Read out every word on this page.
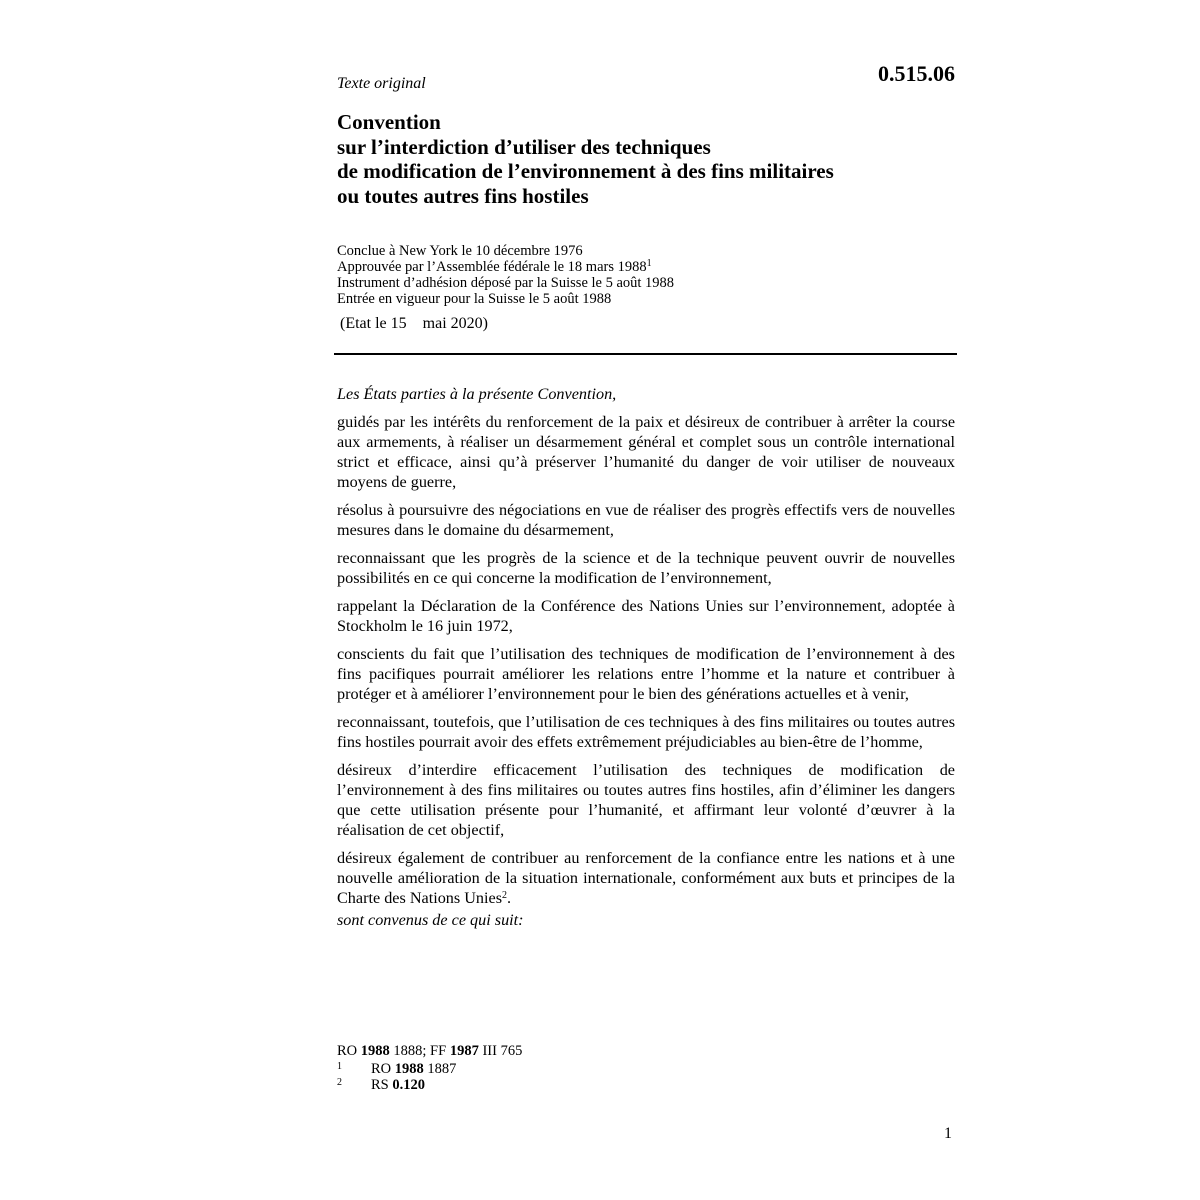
Texte original	0.515.06
Convention
sur l’interdiction d’utiliser des techniques
de modification de l’environnement à des fins militaires
ou toutes autres fins hostiles
Conclue à New York le 10 décembre 1976
Approuvée par l’Assemblée fédérale le 18 mars 1988$^1$
Instrument d’adhésion déposé par la Suisse le 5 août 1988
Entrée en vigueur pour la Suisse le 5 août 1988
(Etat le 15    mai 2020)

Les États parties à la présente Convention,

guidés par les intérêts du renforcement de la paix et désireux de contribuer à arrêter la course aux armements, à réaliser un désarmement général et complet sous un contrôle international strict et efficace, ainsi qu’à préserver l’humanité du danger de voir utiliser de nouveaux moyens de guerre,

résolus à poursuivre des négociations en vue de réaliser des progrès effectifs vers de nouvelles mesures dans le domaine du désarmement,

reconnaissant que les progrès de la science et de la technique peuvent ouvrir de nouvelles possibilités en ce qui concerne la modification de l’environnement,

rappelant la Déclaration de la Conférence des Nations Unies sur l’environnement, adoptée à Stockholm le 16 juin 1972,

conscients du fait que l’utilisation des techniques de modification de l’environnement à des fins pacifiques pourrait améliorer les relations entre l’homme et la nature et contribuer à protéger et à améliorer l’environnement pour le bien des générations actuelles et à venir,

reconnaissant, toutefois, que l’utilisation de ces techniques à des fins militaires ou toutes autres fins hostiles pourrait avoir des effets extrêmement préjudiciables au bien-être de l’homme,

désireux d’interdire efficacement l’utilisation des techniques de modification de l’environnement à des fins militaires ou toutes autres fins hostiles, afin d’éliminer les dangers que cette utilisation présente pour l’humanité, et affirmant leur volonté d’œuvrer à la réalisation de cet objectif,

désireux également de contribuer au renforcement de la confiance entre les nations et à une nouvelle amélioration de la situation internationale, conformément aux buts et principes de la Charte des Nations Unies$^2$.

sont convenus de ce qui suit:

RO 1988 1888; FF 1987 III 765
1	RO 1988 1887
2	RS 0.120
1
